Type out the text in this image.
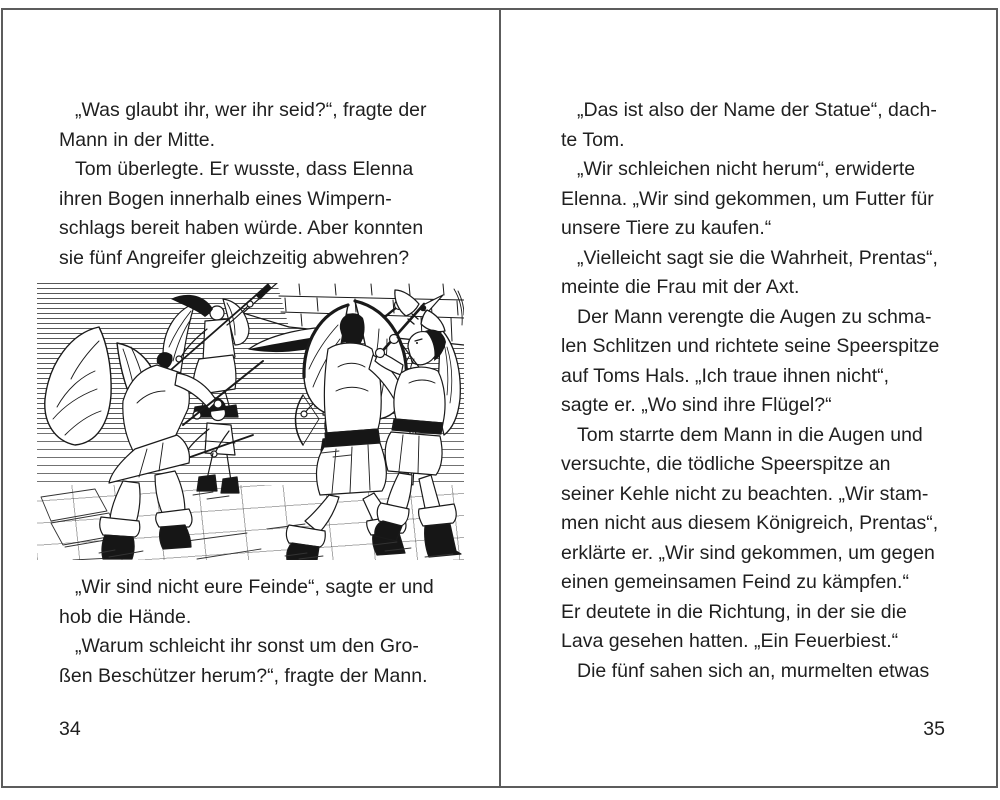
„Was glaubt ihr, wer ihr seid?“, fragte der
Mann in der Mitte.
Tom überlegte. Er wusste, dass Elenna
ihren Bogen innerhalb eines Wimpern-
schlags bereit haben würde. Aber konnten
sie fünf Angreifer gleichzeitig abwehren?
„Wir sind nicht eure Feinde“, sagte er und
hob die Hände.
„Warum schleicht ihr sonst um den Gro-
ßen Beschützer herum?“, fragte der Mann.
34
„Das ist also der Name der Statue“, dach-
te Tom.
„Wir schleichen nicht herum“, erwiderte
Elenna. „Wir sind gekommen, um Futter für
unsere Tiere zu kaufen.“
„Vielleicht sagt sie die Wahrheit, Prentas“,
meinte die Frau mit der Axt.
Der Mann verengte die Augen zu schma-
len Schlitzen und richtete seine Speerspitze
auf Toms Hals. „Ich traue ihnen nicht“,
sagte er. „Wo sind ihre Flügel?“
Tom starrte dem Mann in die Augen und
versuchte, die tödliche Speerspitze an
seiner Kehle nicht zu beachten. „Wir stam-
men nicht aus diesem Königreich, Prentas“,
erklärte er. „Wir sind gekommen, um gegen
einen gemeinsamen Feind zu kämpfen.“
Er deutete in die Richtung, in der sie die
Lava gesehen hatten. „Ein Feuerbiest.“
Die fünf sahen sich an, murmelten etwas
35
